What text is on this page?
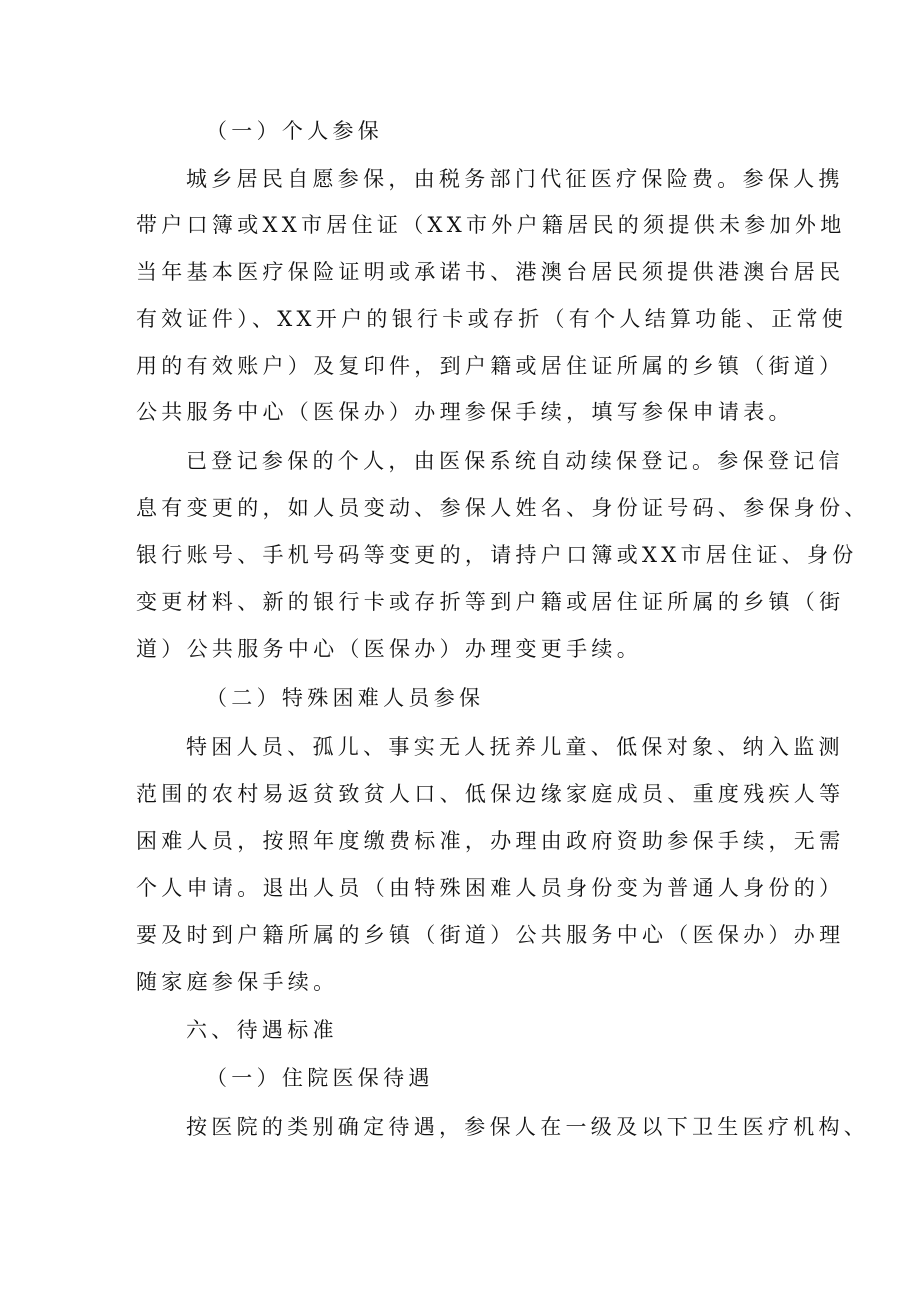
（一）个人参保
城乡居民自愿参保，由税务部门代征医疗保险费。参保人携
带户口簿或XX市居住证（XX市外户籍居民的须提供未参加外地
当年基本医疗保险证明或承诺书、港澳台居民须提供港澳台居民
有效证件）、XX开户的银行卡或存折（有个人结算功能、正常使
用的有效账户）及复印件，到户籍或居住证所属的乡镇（街道）
公共服务中心（医保办）办理参保手续，填写参保申请表。
已登记参保的个人，由医保系统自动续保登记。参保登记信
息有变更的，如人员变动、参保人姓名、身份证号码、参保身份、
银行账号、手机号码等变更的，请持户口簿或XX市居住证、身份
变更材料、新的银行卡或存折等到户籍或居住证所属的乡镇（街
道）公共服务中心（医保办）办理变更手续。
（二）特殊困难人员参保
特困人员、孤儿、事实无人抚养儿童、低保对象、纳入监测
范围的农村易返贫致贫人口、低保边缘家庭成员、重度残疾人等
困难人员，按照年度缴费标准，办理由政府资助参保手续，无需
个人申请。退出人员（由特殊困难人员身份变为普通人身份的）
要及时到户籍所属的乡镇（街道）公共服务中心（医保办）办理
随家庭参保手续。
六、待遇标准
（一）住院医保待遇
按医院的类别确定待遇，参保人在一级及以下卫生医疗机构、
